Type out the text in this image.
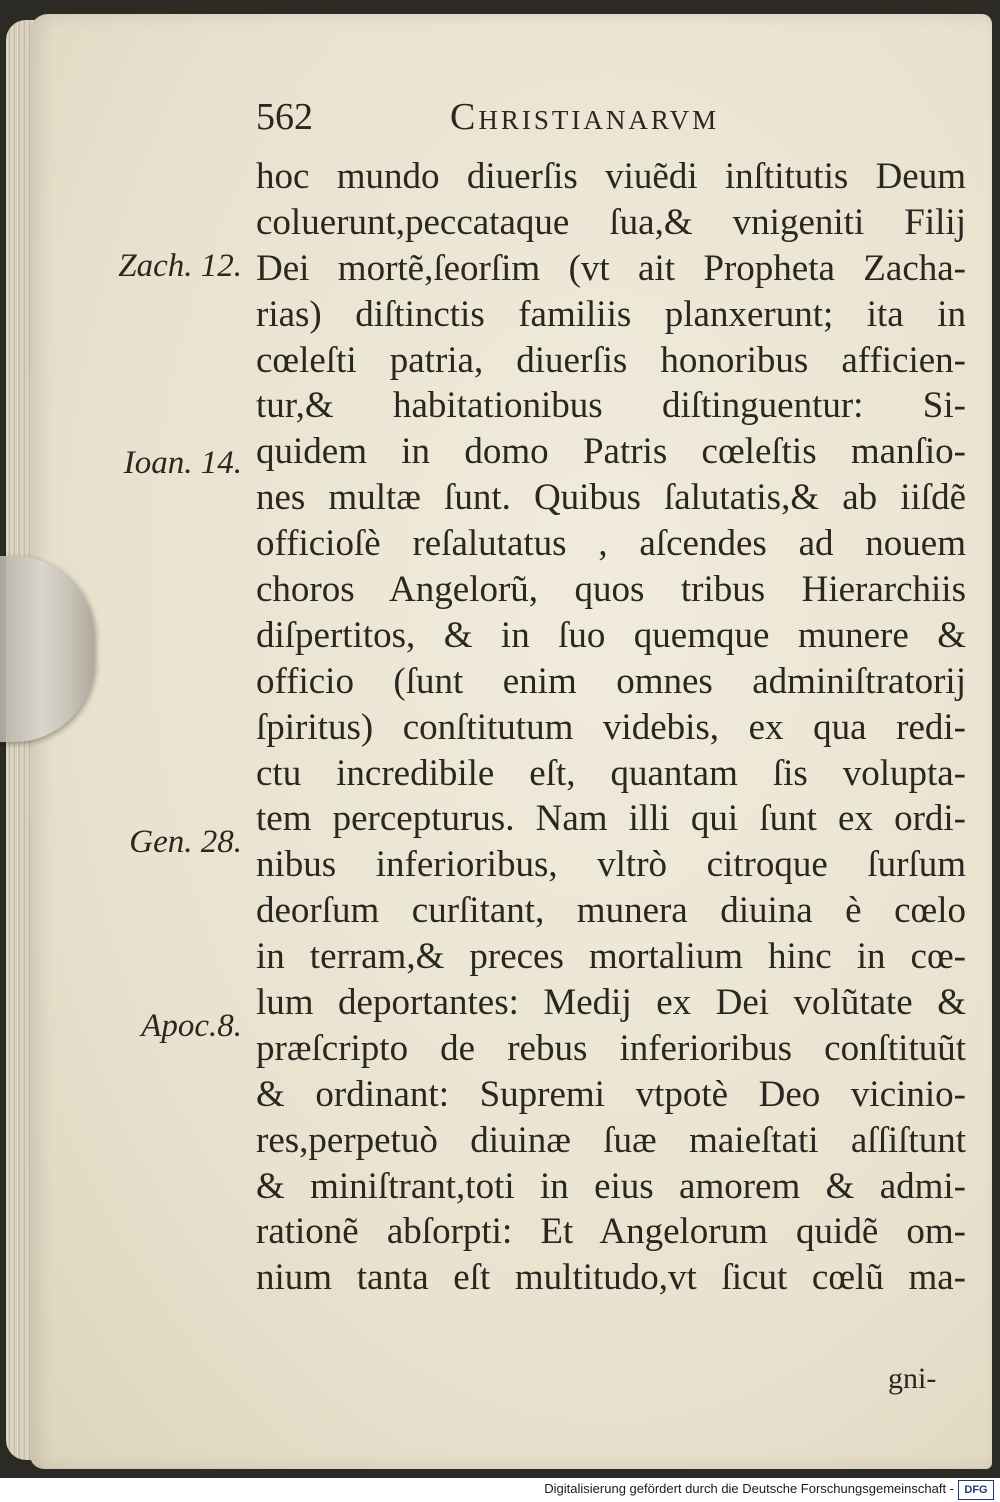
562	Christianarvm
hoc mundo diuerſis viuẽdi inſtitutis Deum
coluerunt,peccataque ſua,& vnigeniti Filij
Dei mortẽ,ſeorſim (vt ait Propheta Zacha-
rias) diſtinctis familiis planxerunt; ita in
cœleſti patria, diuerſis honoribus afficien-
tur,& habitationibus diſtinguentur: Si-
quidem in domo Patris cœleſtis manſio-
nes multæ ſunt. Quibus ſalutatis,& ab iiſdẽ
officioſè reſalutatus , aſcendes ad nouem
choros Angelorũ, quos tribus Hierarchiis
diſpertitos, & in ſuo quemque munere &
officio (ſunt enim omnes adminiſtratorij
ſpiritus) conſtitutum videbis, ex qua redi-
ctu incredibile eſt, quantam ſis volupta-
tem percepturus. Nam illi qui ſunt ex ordi-
nibus inferioribus, vltrò citroque ſurſum
deorſum curſitant, munera diuina è cœlo
in terram,& preces mortalium hinc in cœ-
lum deportantes: Medij ex Dei volũtate &
præſcripto de rebus inferioribus conſtituũt
& ordinant: Supremi vtpotè Deo vicinio-
res,perpetuò diuinæ ſuæ maieſtati aſſiſtunt
& miniſtrant,toti in eius amorem & admi-
rationẽ abſorpti: Et Angelorum quidẽ om-
nium tanta eſt multitudo,vt ſicut cœlũ ma-
Zach. 12.
Ioan. 14.
Gen. 28.
Apoc.8.
gni-
Digitalisierung gefördert durch die Deutsche Forschungsgemeinschaft - DFG
